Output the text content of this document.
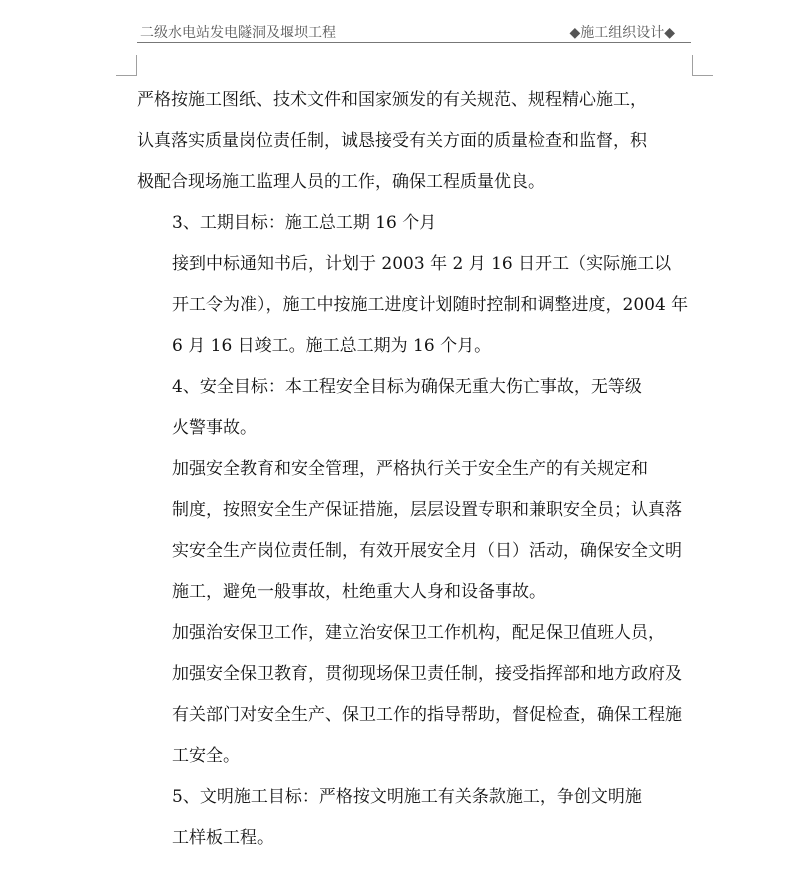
二级水电站发电隧洞及堰坝工程	◆施工组织设计◆

严格按施工图纸、技术文件和国家颁发的有关规范、规程精心施工，
认真落实质量岗位责任制，诚恳接受有关方面的质量检查和监督，积
极配合现场施工监理人员的工作，确保工程质量优良。

3、工期目标：施工总工期 16 个月

接到中标通知书后，计划于 2003 年 2 月 16 日开工（实际施工以
开工令为准），施工中按施工进度计划随时控制和调整进度，2004 年
6 月 16 日竣工。施工总工期为 16 个月。

4、安全目标：本工程安全目标为确保无重大伤亡事故，无等级
火警事故。

加强安全教育和安全管理，严格执行关于安全生产的有关规定和
制度，按照安全生产保证措施，层层设置专职和兼职安全员；认真落
实安全生产岗位责任制，有效开展安全月（日）活动，确保安全文明
施工，避免一般事故，杜绝重大人身和设备事故。

加强治安保卫工作，建立治安保卫工作机构，配足保卫值班人员，
加强安全保卫教育，贯彻现场保卫责任制，接受指挥部和地方政府及
有关部门对安全生产、保卫工作的指导帮助，督促检查，确保工程施
工安全。

5、文明施工目标：严格按文明施工有关条款施工，争创文明施
工样板工程。
